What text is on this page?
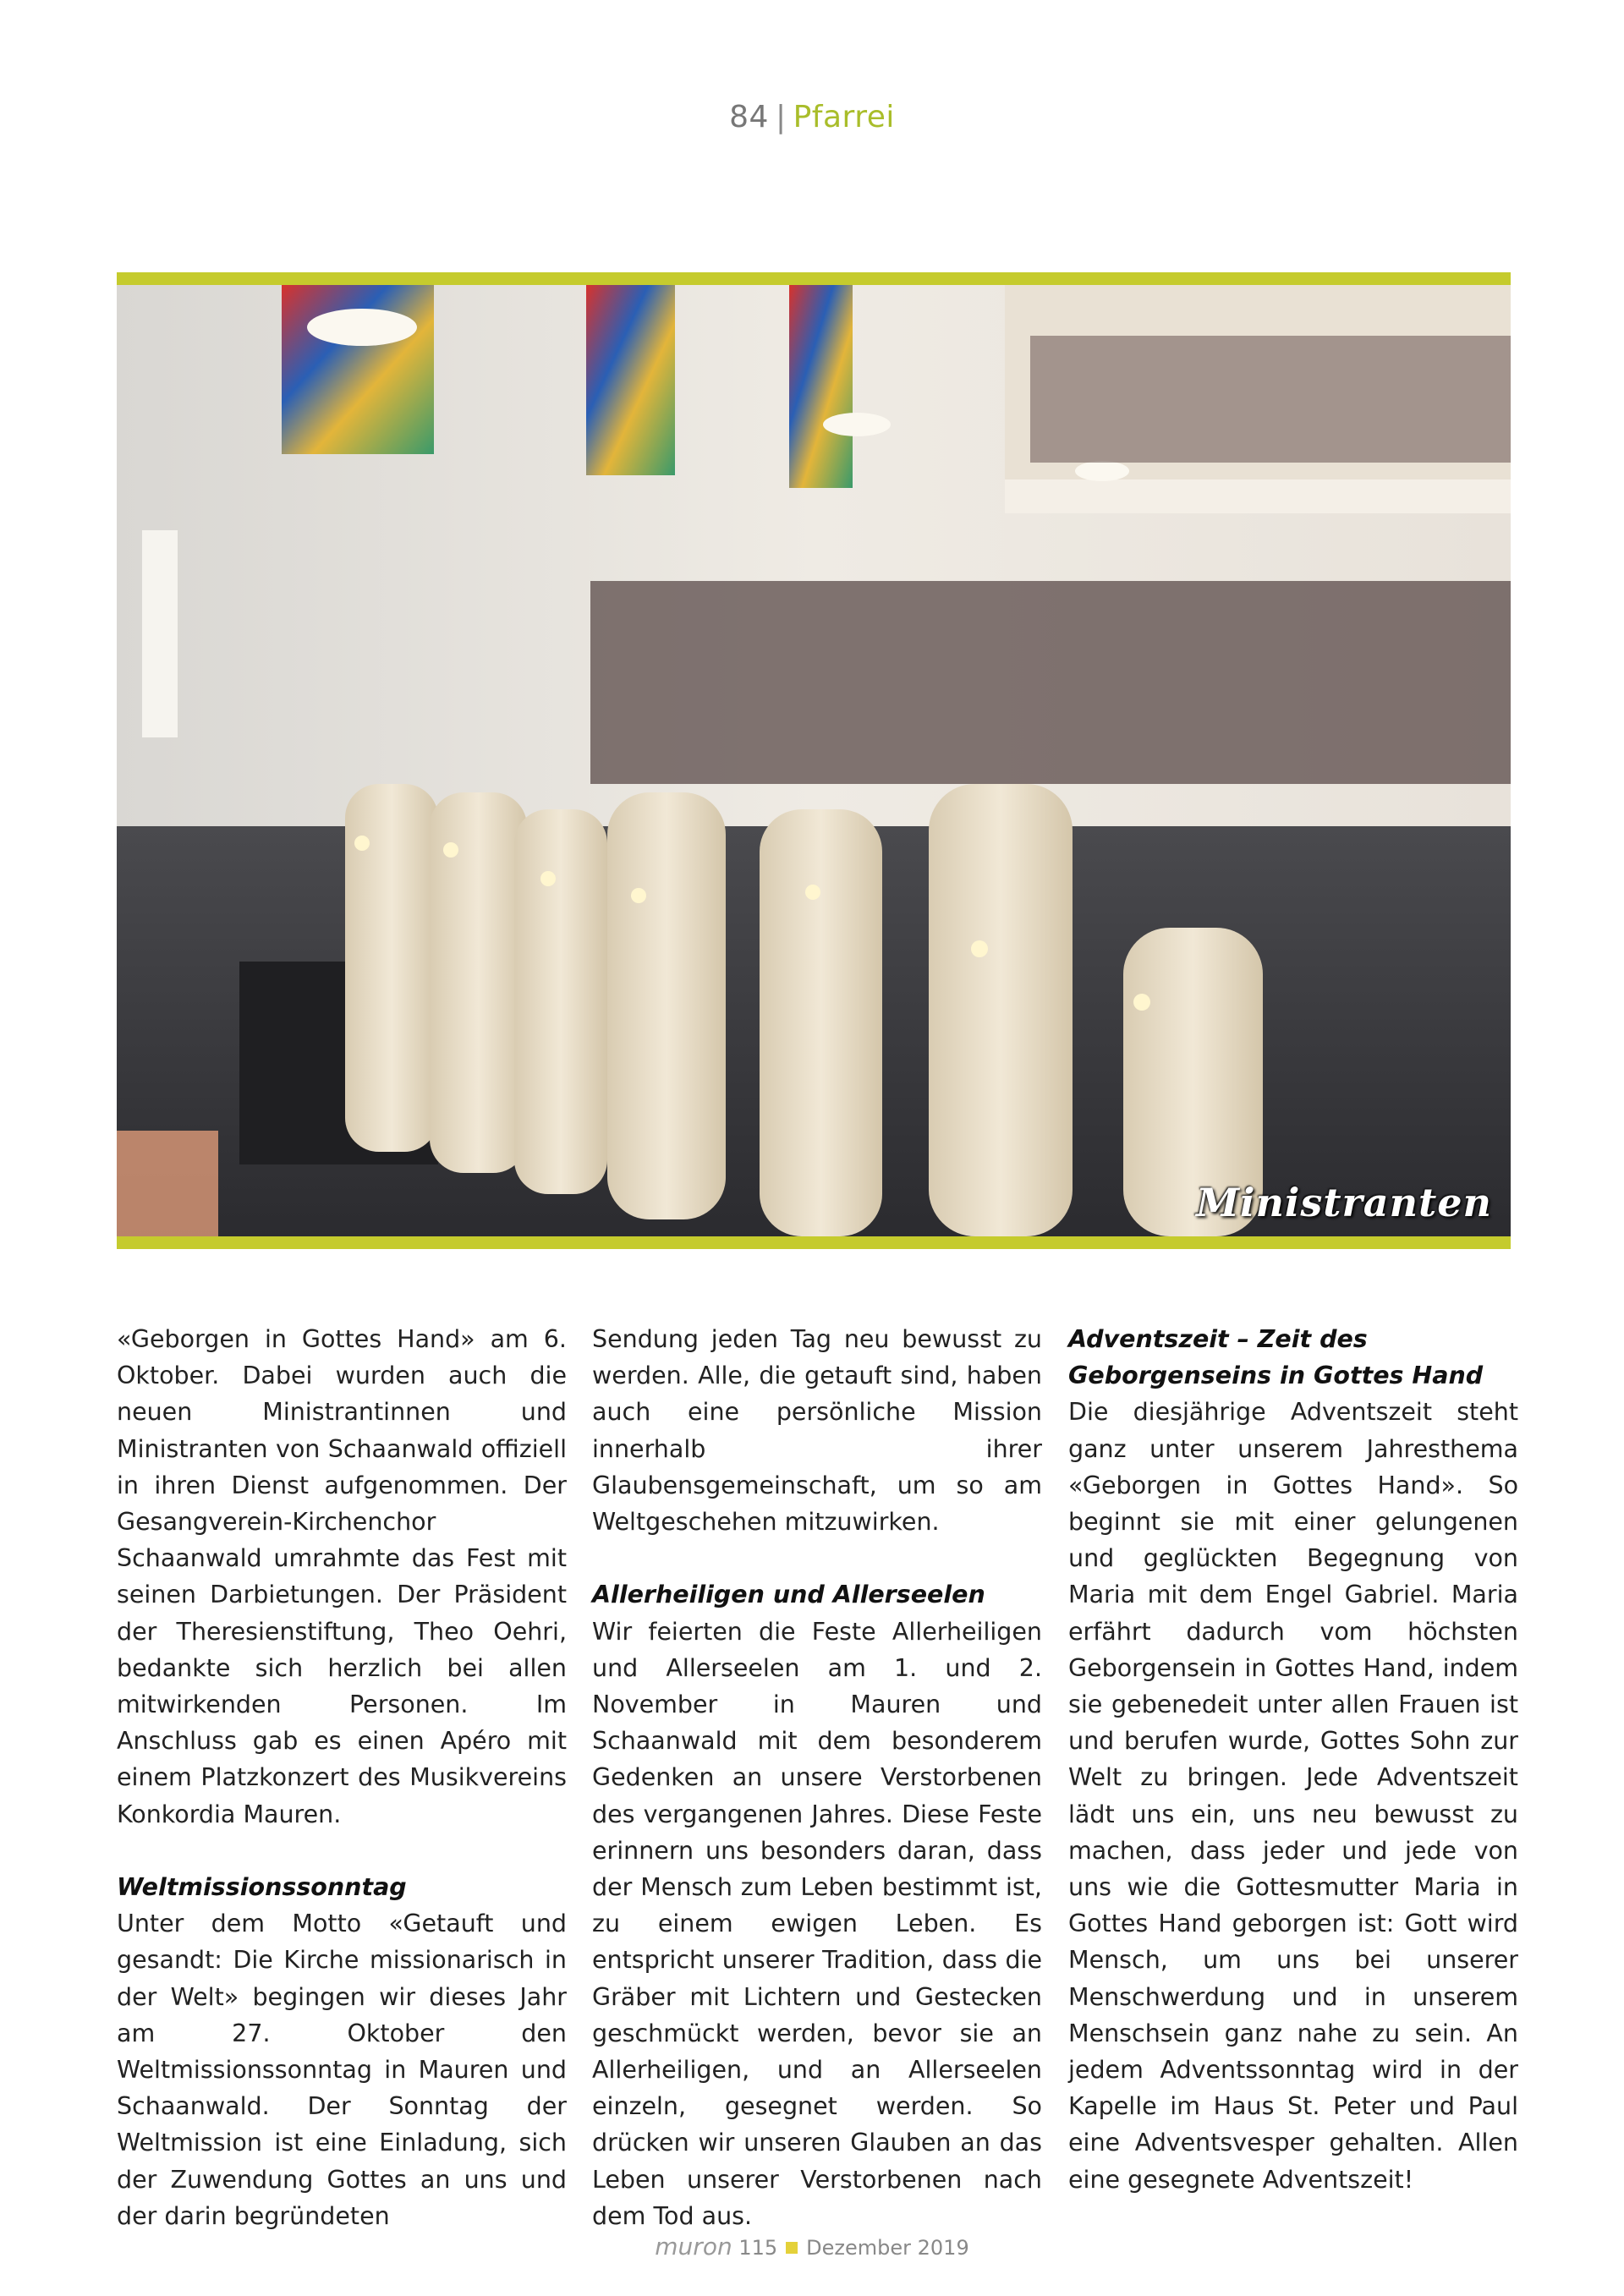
84 | Pfarrei
Ministranten

«Geborgen in Gottes Hand» am 6. Oktober. Dabei wurden auch die neuen Ministrantinnen und Ministranten von Schaanwald offiziell in ihren Dienst aufgenommen. Der Gesangverein-Kirchenchor Schaanwald umrahmte das Fest mit seinen Darbietungen. Der Präsident der Theresienstiftung, Theo Oehri, bedankte sich herzlich bei allen mitwirkenden Personen. Im Anschluss gab es einen Apéro mit einem Platzkonzert des Musikvereins Konkordia Mauren.

Weltmissionssonntag

Unter dem Motto «Getauft und gesandt: Die Kirche missionarisch in der Welt» begingen wir dieses Jahr am 27. Oktober den Weltmissionssonntag in Mauren und Schaanwald. Der Sonntag der Weltmission ist eine Einladung, sich der Zuwendung Gottes an uns und der darin begründeten

Sendung jeden Tag neu bewusst zu werden. Alle, die getauft sind, haben auch eine persönliche Mission innerhalb ihrer Glaubensgemeinschaft, um so am Weltgeschehen mitzuwirken.

Allerheiligen und Allerseelen

Wir feierten die Feste Allerheiligen und Allerseelen am 1. und 2. November in Mauren und Schaanwald mit dem besonderem Gedenken an unsere Verstorbenen des vergangenen Jahres. Diese Feste erinnern uns besonders daran, dass der Mensch zum Leben bestimmt ist, zu einem ewigen Leben. Es entspricht unserer Tradition, dass die Gräber mit Lichtern und Gestecken geschmückt werden, bevor sie an Allerheiligen, und an Allerseelen einzeln, gesegnet werden. So drücken wir unseren Glauben an das Leben unserer Verstorbenen nach dem Tod aus.

Adventszeit – Zeit des Geborgenseins in Gottes Hand

Die diesjährige Adventszeit steht ganz unter unserem Jahresthema «Geborgen in Gottes Hand». So beginnt sie mit einer gelungenen und geglückten Begegnung von Maria mit dem Engel Gabriel. Maria erfährt dadurch vom höchsten Geborgensein in Gottes Hand, indem sie gebenedeit unter allen Frauen ist und berufen wurde, Gottes Sohn zur Welt zu bringen. Jede Adventszeit lädt uns ein, uns neu bewusst zu machen, dass jeder und jede von uns wie die Gottesmutter Maria in Gottes Hand geborgen ist: Gott wird Mensch, um uns bei unserer Menschwerdung und in unserem Menschsein ganz nahe zu sein. An jedem Adventssonntag wird in der Kapelle im Haus St. Peter und Paul eine Adventsvesper gehalten. Allen eine gesegnete Adventszeit!

muron 115 Dezember 2019
